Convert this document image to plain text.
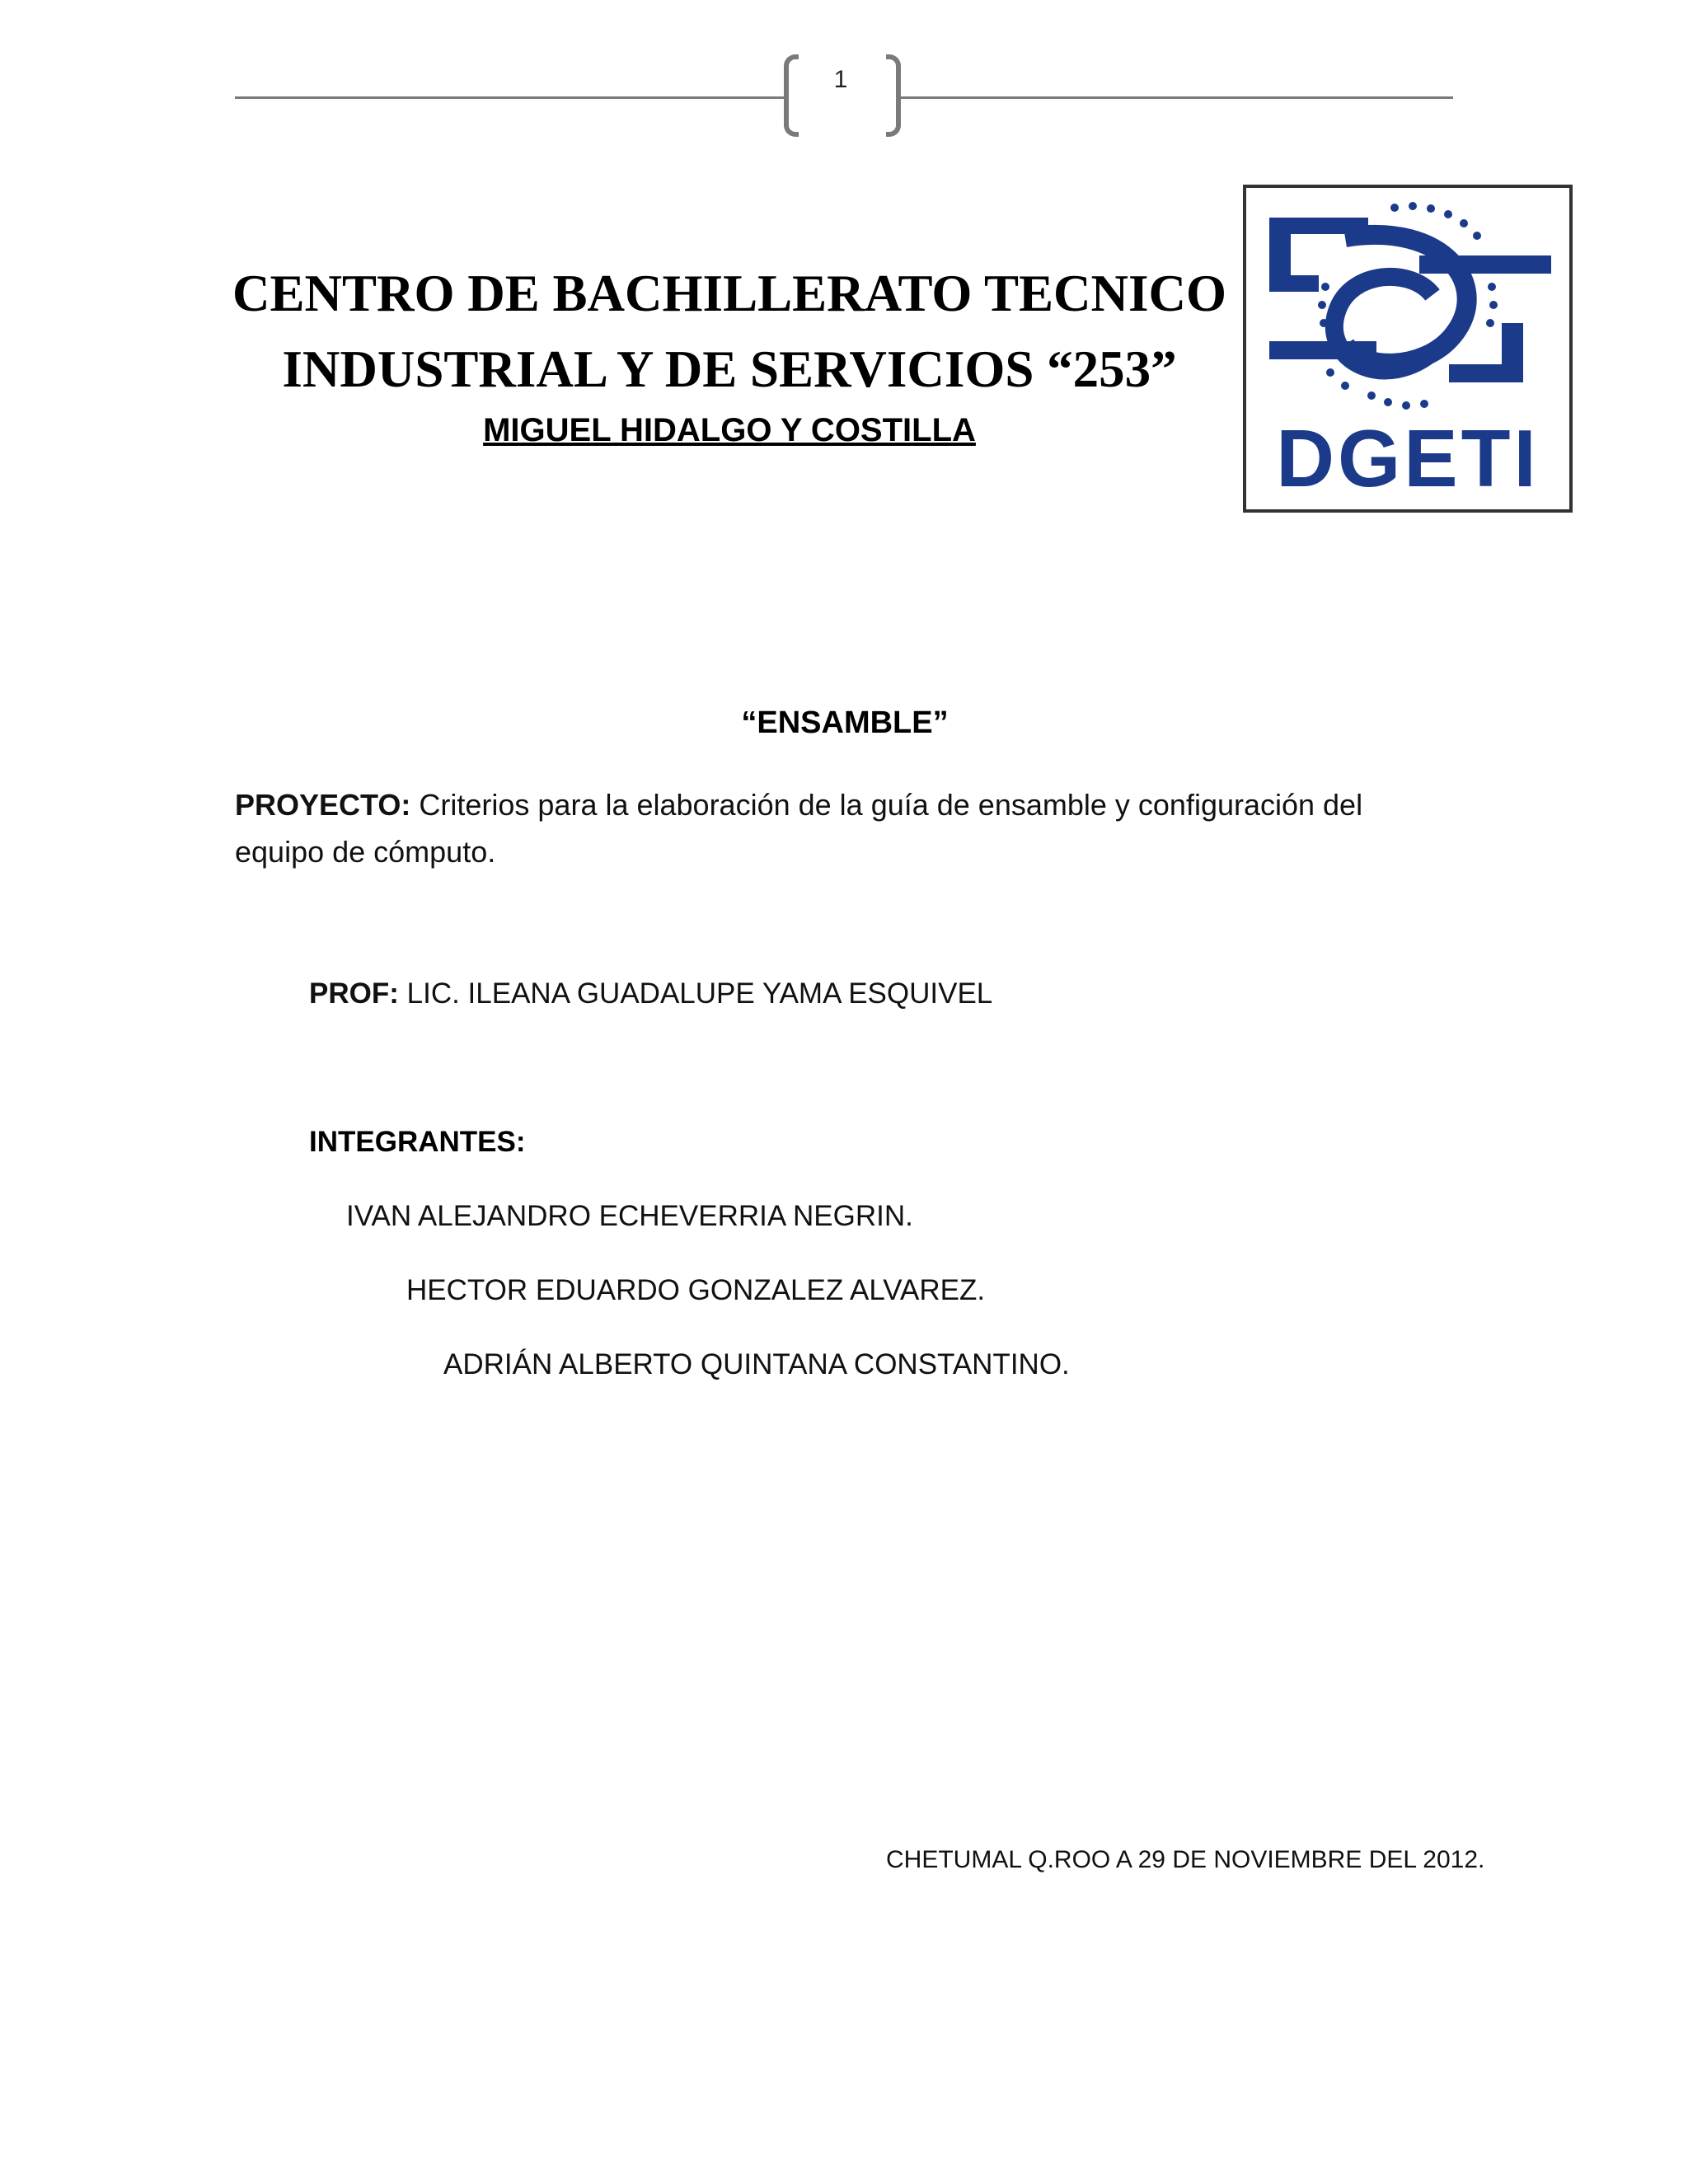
1
CENTRO DE BACHILLERATO TECNICO
INDUSTRIAL Y DE SERVICIOS “253”
MIGUEL HIDALGO Y COSTILLA	DGETI
“ENSAMBLE”
PROYECTO: Criterios para la elaboración de la guía de ensamble y configuración del equipo de cómputo.
PROF: LIC. ILEANA GUADALUPE YAMA ESQUIVEL
INTEGRANTES:
IVAN ALEJANDRO ECHEVERRIA NEGRIN.
HECTOR EDUARDO GONZALEZ ALVAREZ.
ADRIÁN ALBERTO QUINTANA CONSTANTINO.
CHETUMAL Q.ROO A 29 DE NOVIEMBRE DEL 2012.
